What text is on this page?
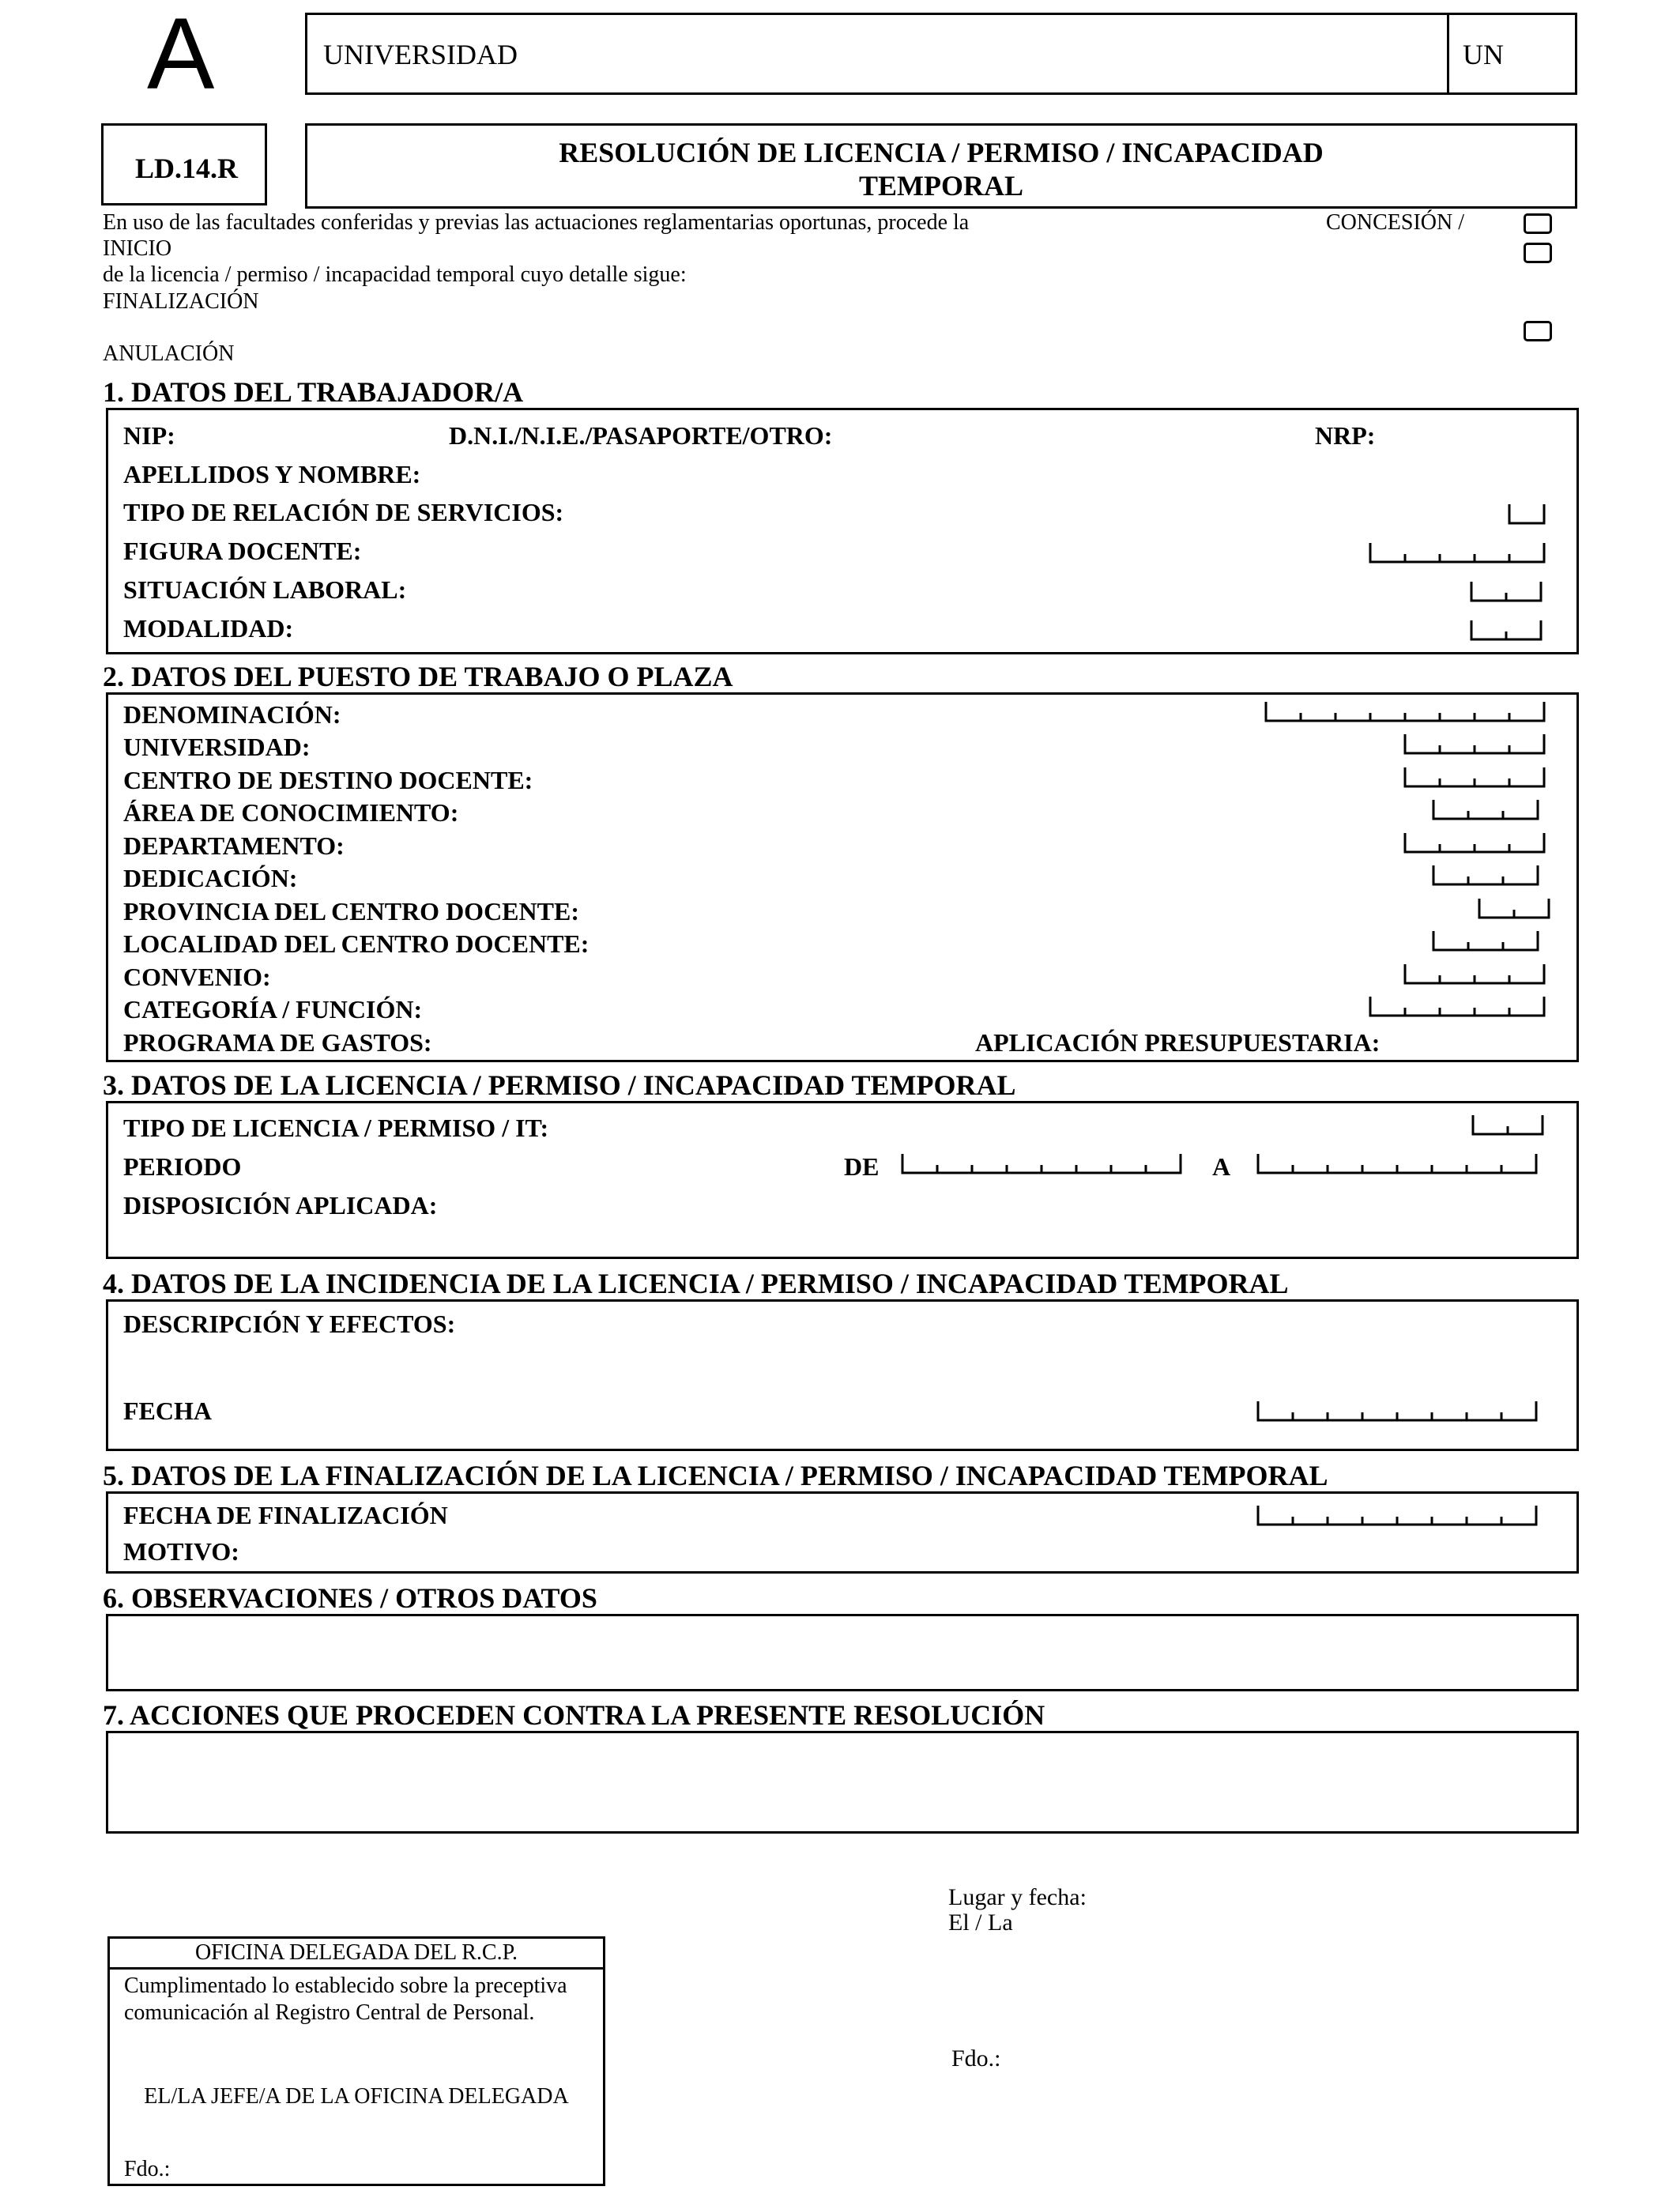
A	UNIVERSIDAD	UN
LD.14.R	RESOLUCIÓN DE LICENCIA / PERMISO / INCAPACIDAD
TEMPORAL
En uso de las facultades conferidas y previas las actuaciones reglamentarias oportunas, procede la	CONCESIÓN /
INICIO
de la licencia / permiso / incapacidad temporal cuyo detalle sigue:
FINALIZACIÓN
ANULACIÓN
1. DATOS DEL TRABAJADOR/A
NIP:	D.N.I./N.I.E./PASAPORTE/OTRO:	NRP:
APELLIDOS Y NOMBRE:
TIPO DE RELACIÓN DE SERVICIOS:
FIGURA DOCENTE:
SITUACIÓN LABORAL:
MODALIDAD:
2. DATOS DEL PUESTO DE TRABAJO O PLAZA
DENOMINACIÓN:
UNIVERSIDAD:
CENTRO DE DESTINO DOCENTE:
ÁREA DE CONOCIMIENTO:
DEPARTAMENTO:
DEDICACIÓN:
PROVINCIA DEL CENTRO DOCENTE:
LOCALIDAD DEL CENTRO DOCENTE:
CONVENIO:
CATEGORÍA / FUNCIÓN:
PROGRAMA DE GASTOS:	APLICACIÓN PRESUPUESTARIA:
3. DATOS DE LA LICENCIA / PERMISO / INCAPACIDAD TEMPORAL
TIPO DE LICENCIA / PERMISO / IT:
PERIODO	DE	A
DISPOSICIÓN APLICADA:
4. DATOS DE LA INCIDENCIA DE LA LICENCIA / PERMISO / INCAPACIDAD TEMPORAL
DESCRIPCIÓN Y EFECTOS:
FECHA
5. DATOS DE LA FINALIZACIÓN DE LA LICENCIA / PERMISO / INCAPACIDAD TEMPORAL
FECHA DE FINALIZACIÓN
MOTIVO:
6. OBSERVACIONES / OTROS DATOS
7. ACCIONES QUE PROCEDEN CONTRA LA PRESENTE RESOLUCIÓN
Lugar y fecha:
El / La
Fdo.:
OFICINA DELEGADA DEL R.C.P.
Cumplimentado lo establecido sobre la preceptiva
comunicación al Registro Central de Personal.
EL/LA JEFE/A DE LA OFICINA DELEGADA
Fdo.:
